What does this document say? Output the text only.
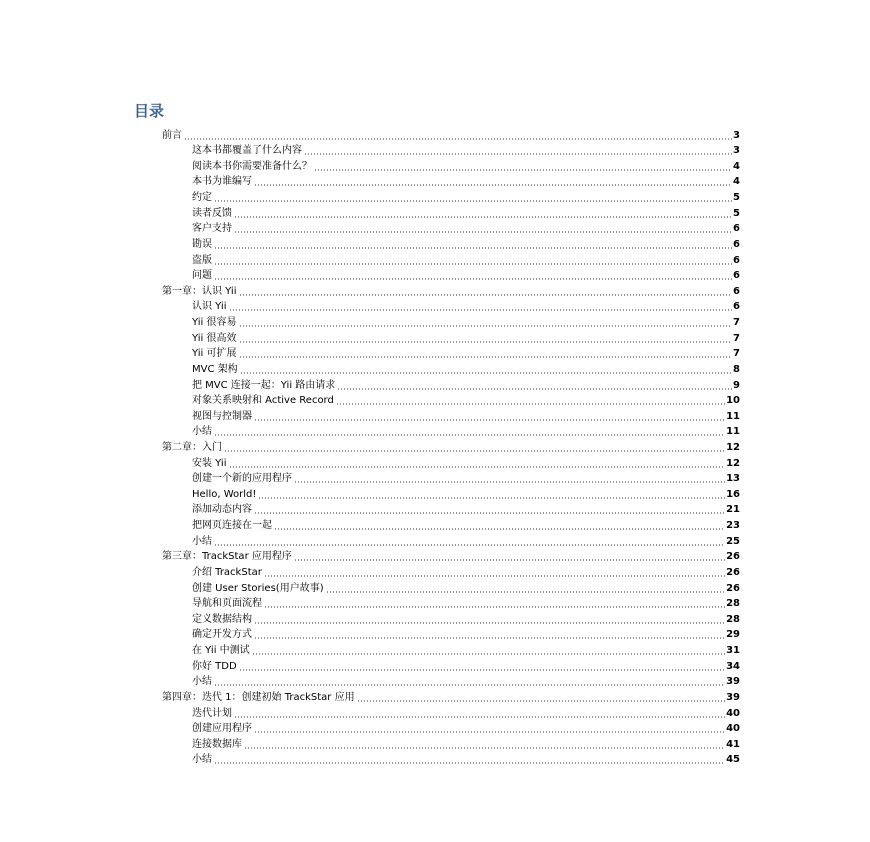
目录
前言	3
这本书都覆盖了什么内容	3
阅读本书你需要准备什么？	4
本书为谁编写	4
约定	5
读者反馈	5
客户支持	6
勘误	6
盗版	6
问题	6
第一章：认识 Yii	6
认识 Yii	6
Yii 很容易	7
Yii 很高效	7
Yii 可扩展	7
MVC 架构	8
把 MVC 连接一起：Yii 路由请求	9
对象关系映射和 Active Record	10
视图与控制器	11
小结	11
第二章：入门	12
安装 Yii	12
创建一个新的应用程序	13
Hello, World!	16
添加动态内容	21
把网页连接在一起	23
小结	25
第三章：TrackStar 应用程序	26
介绍 TrackStar	26
创建 User Stories(用户故事)	26
导航和页面流程	28
定义数据结构	28
确定开发方式	29
在 Yii 中测试	31
你好 TDD	34
小结	39
第四章：迭代 1：创建初始 TrackStar 应用	39
迭代计划	40
创建应用程序	40
连接数据库	41
小结	45
